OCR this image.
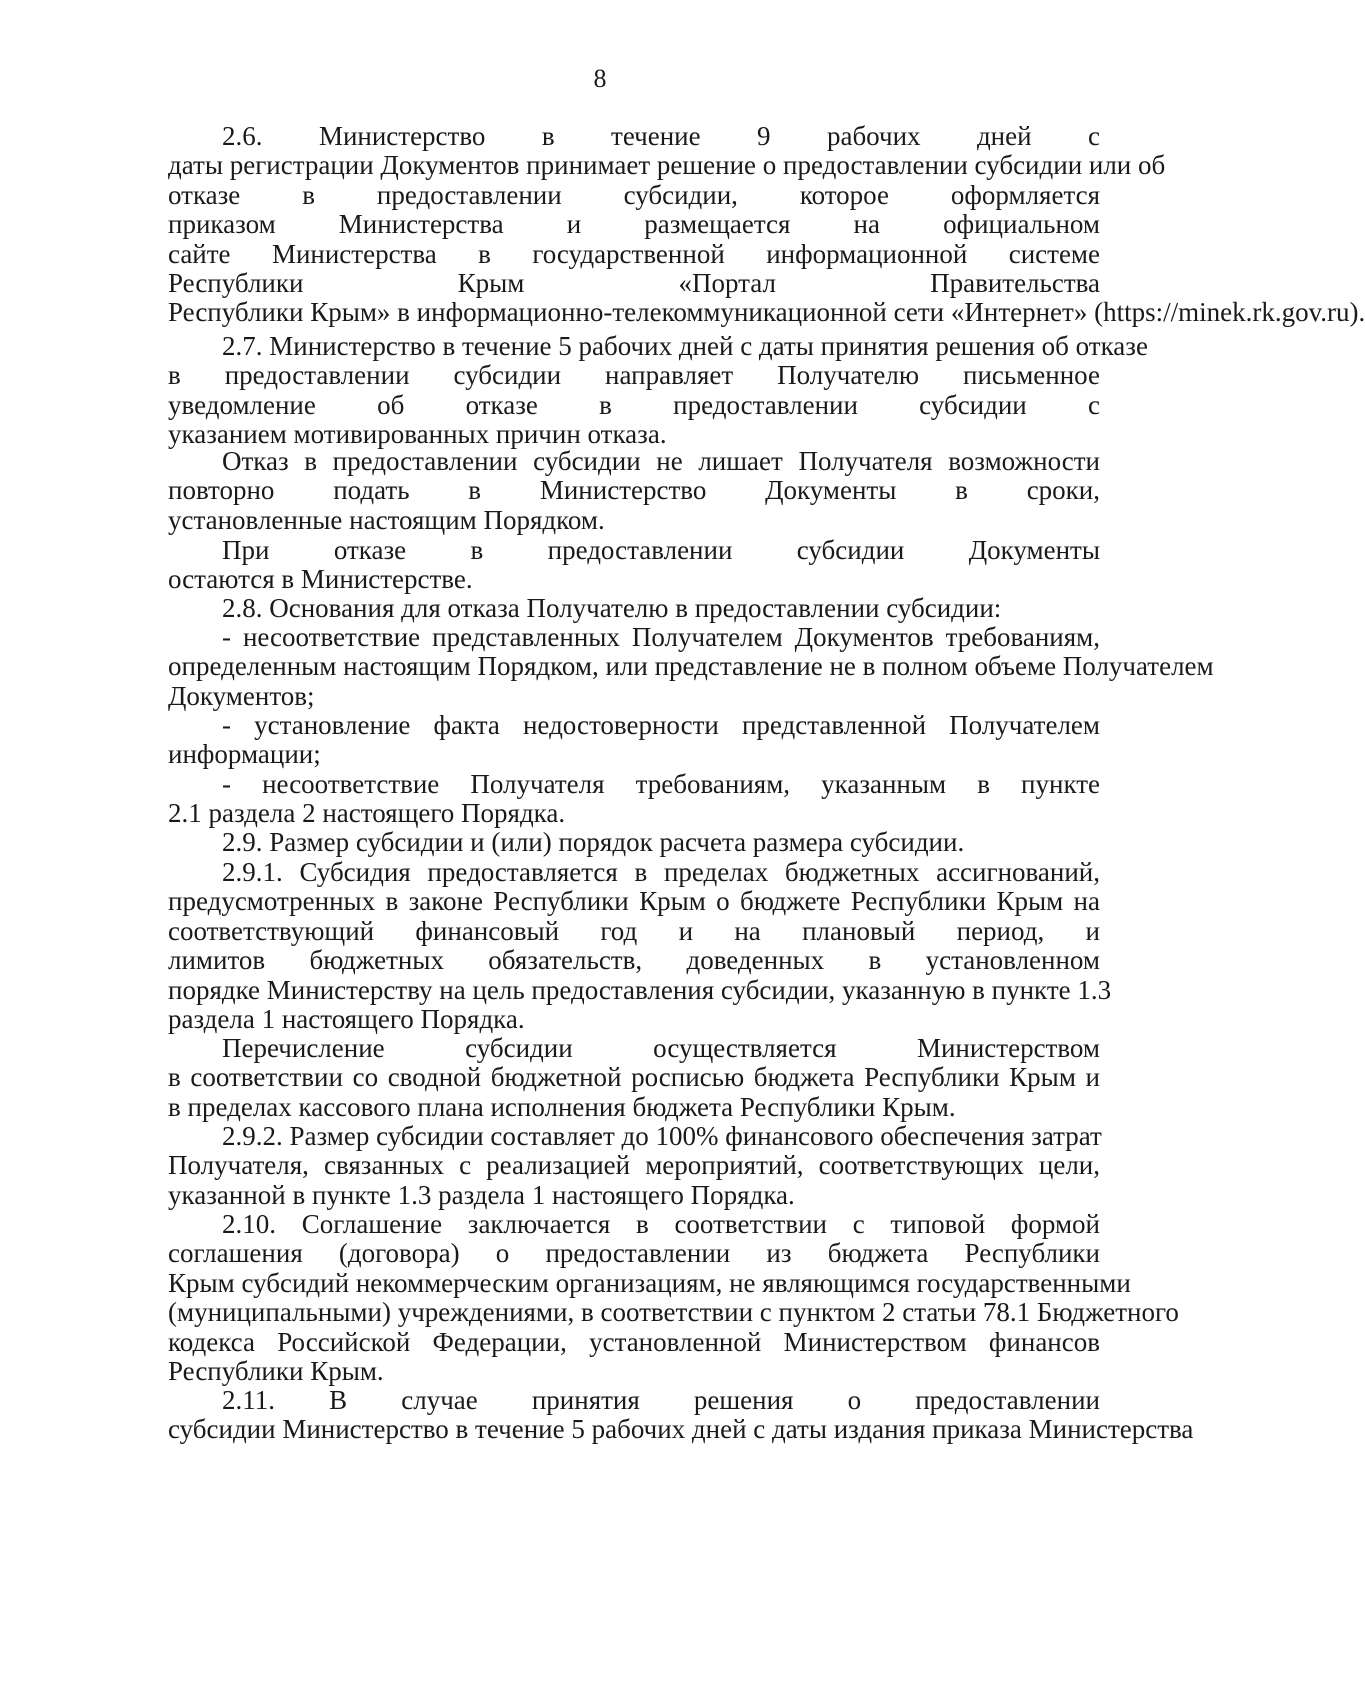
8
2.6. Министерство в течение 9 рабочих дней с
даты регистрации Документов принимает решение о предоставлении субсидии или об
отказе в предоставлении субсидии, которое оформляется
приказом Министерства и размещается на официальном
сайте Министерства в государственной информационной системе
Республики Крым «Портал Правительства
Республики Крым» в информационно-телекоммуникационной сети «Интернет» (https://minek.rk.gov.ru).
2.7. Министерство в течение 5 рабочих дней с даты принятия решения об отказе
в предоставлении субсидии направляет Получателю письменное
уведомление об отказе в предоставлении субсидии с
указанием мотивированных причин отказа.
Отказ в предоставлении субсидии не лишает Получателя возможности
повторно подать в Министерство Документы в сроки,
установленные настоящим Порядком.
При отказе в предоставлении субсидии Документы
остаются в Министерстве.
2.8. Основания для отказа Получателю в предоставлении субсидии:
- несоответствие представленных Получателем Документов требованиям,
определенным настоящим Порядком, или представление не в полном объеме Получателем
Документов;
- установление факта недостоверности представленной Получателем
информации;
- несоответствие Получателя требованиям, указанным в пункте
2.1 раздела 2 настоящего Порядка.
2.9. Размер субсидии и (или) порядок расчета размера субсидии.
2.9.1. Субсидия предоставляется в пределах бюджетных ассигнований,
предусмотренных в законе Республики Крым о бюджете Республики Крым на
соответствующий финансовый год и на плановый период, и
лимитов бюджетных обязательств, доведенных в установленном
порядке Министерству на цель предоставления субсидии, указанную в пункте 1.3
раздела 1 настоящего Порядка.
Перечисление субсидии осуществляется Министерством
в соответствии со сводной бюджетной росписью бюджета Республики Крым и
в пределах кассового плана исполнения бюджета Республики Крым.
2.9.2. Размер субсидии составляет до 100% финансового обеспечения затрат
Получателя, связанных с реализацией мероприятий, соответствующих цели,
указанной в пункте 1.3 раздела 1 настоящего Порядка.
2.10. Соглашение заключается в соответствии с типовой формой
соглашения (договора) о предоставлении из бюджета Республики
Крым субсидий некоммерческим организациям, не являющимся государственными
(муниципальными) учреждениями, в соответствии с пунктом 2 статьи 78.1 Бюджетного
кодекса Российской Федерации, установленной Министерством финансов
Республики Крым.
2.11. В случае принятия решения о предоставлении
субсидии Министерство в течение 5 рабочих дней с даты издания приказа Министерства
